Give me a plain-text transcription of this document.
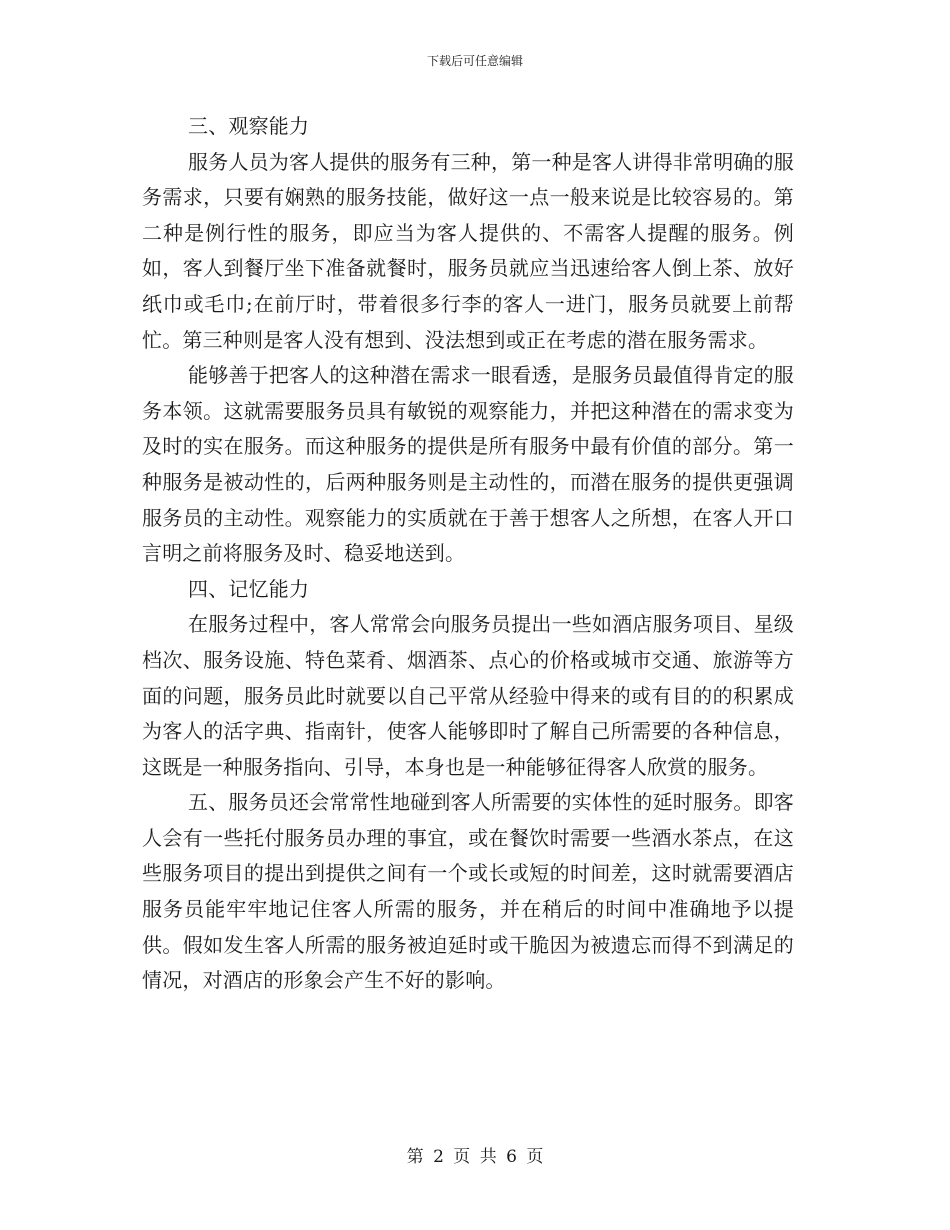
下载后可任意编辑

三、观察能力

服务人员为客人提供的服务有三种，第一种是客人讲得非常明确的服务需求，只要有娴熟的服务技能，做好这一点一般来说是比较容易的。第二种是例行性的服务，即应当为客人提供的、不需客人提醒的服务。例如，客人到餐厅坐下准备就餐时，服务员就应当迅速给客人倒上茶、放好纸巾或毛巾;在前厅时，带着很多行李的客人一进门，服务员就要上前帮忙。第三种则是客人没有想到、没法想到或正在考虑的潜在服务需求。

能够善于把客人的这种潜在需求一眼看透，是服务员最值得肯定的服务本领。这就需要服务员具有敏锐的观察能力，并把这种潜在的需求变为及时的实在服务。而这种服务的提供是所有服务中最有价值的部分。第一种服务是被动性的，后两种服务则是主动性的，而潜在服务的提供更强调服务员的主动性。观察能力的实质就在于善于想客人之所想，在客人开口言明之前将服务及时、稳妥地送到。

四、记忆能力

在服务过程中，客人常常会向服务员提出一些如酒店服务项目、星级档次、服务设施、特色菜肴、烟酒茶、点心的价格或城市交通、旅游等方面的问题，服务员此时就要以自己平常从经验中得来的或有目的的积累成为客人的活字典、指南针，使客人能够即时了解自己所需要的各种信息，这既是一种服务指向、引导，本身也是一种能够征得客人欣赏的服务。

五、服务员还会常常性地碰到客人所需要的实体性的延时服务。即客人会有一些托付服务员办理的事宜，或在餐饮时需要一些酒水茶点，在这些服务项目的提出到提供之间有一个或长或短的时间差，这时就需要酒店服务员能牢牢地记住客人所需的服务，并在稍后的时间中准确地予以提供。假如发生客人所需的服务被迫延时或干脆因为被遗忘而得不到满足的情况，对酒店的形象会产生不好的影响。

第 2 页 共 6 页
